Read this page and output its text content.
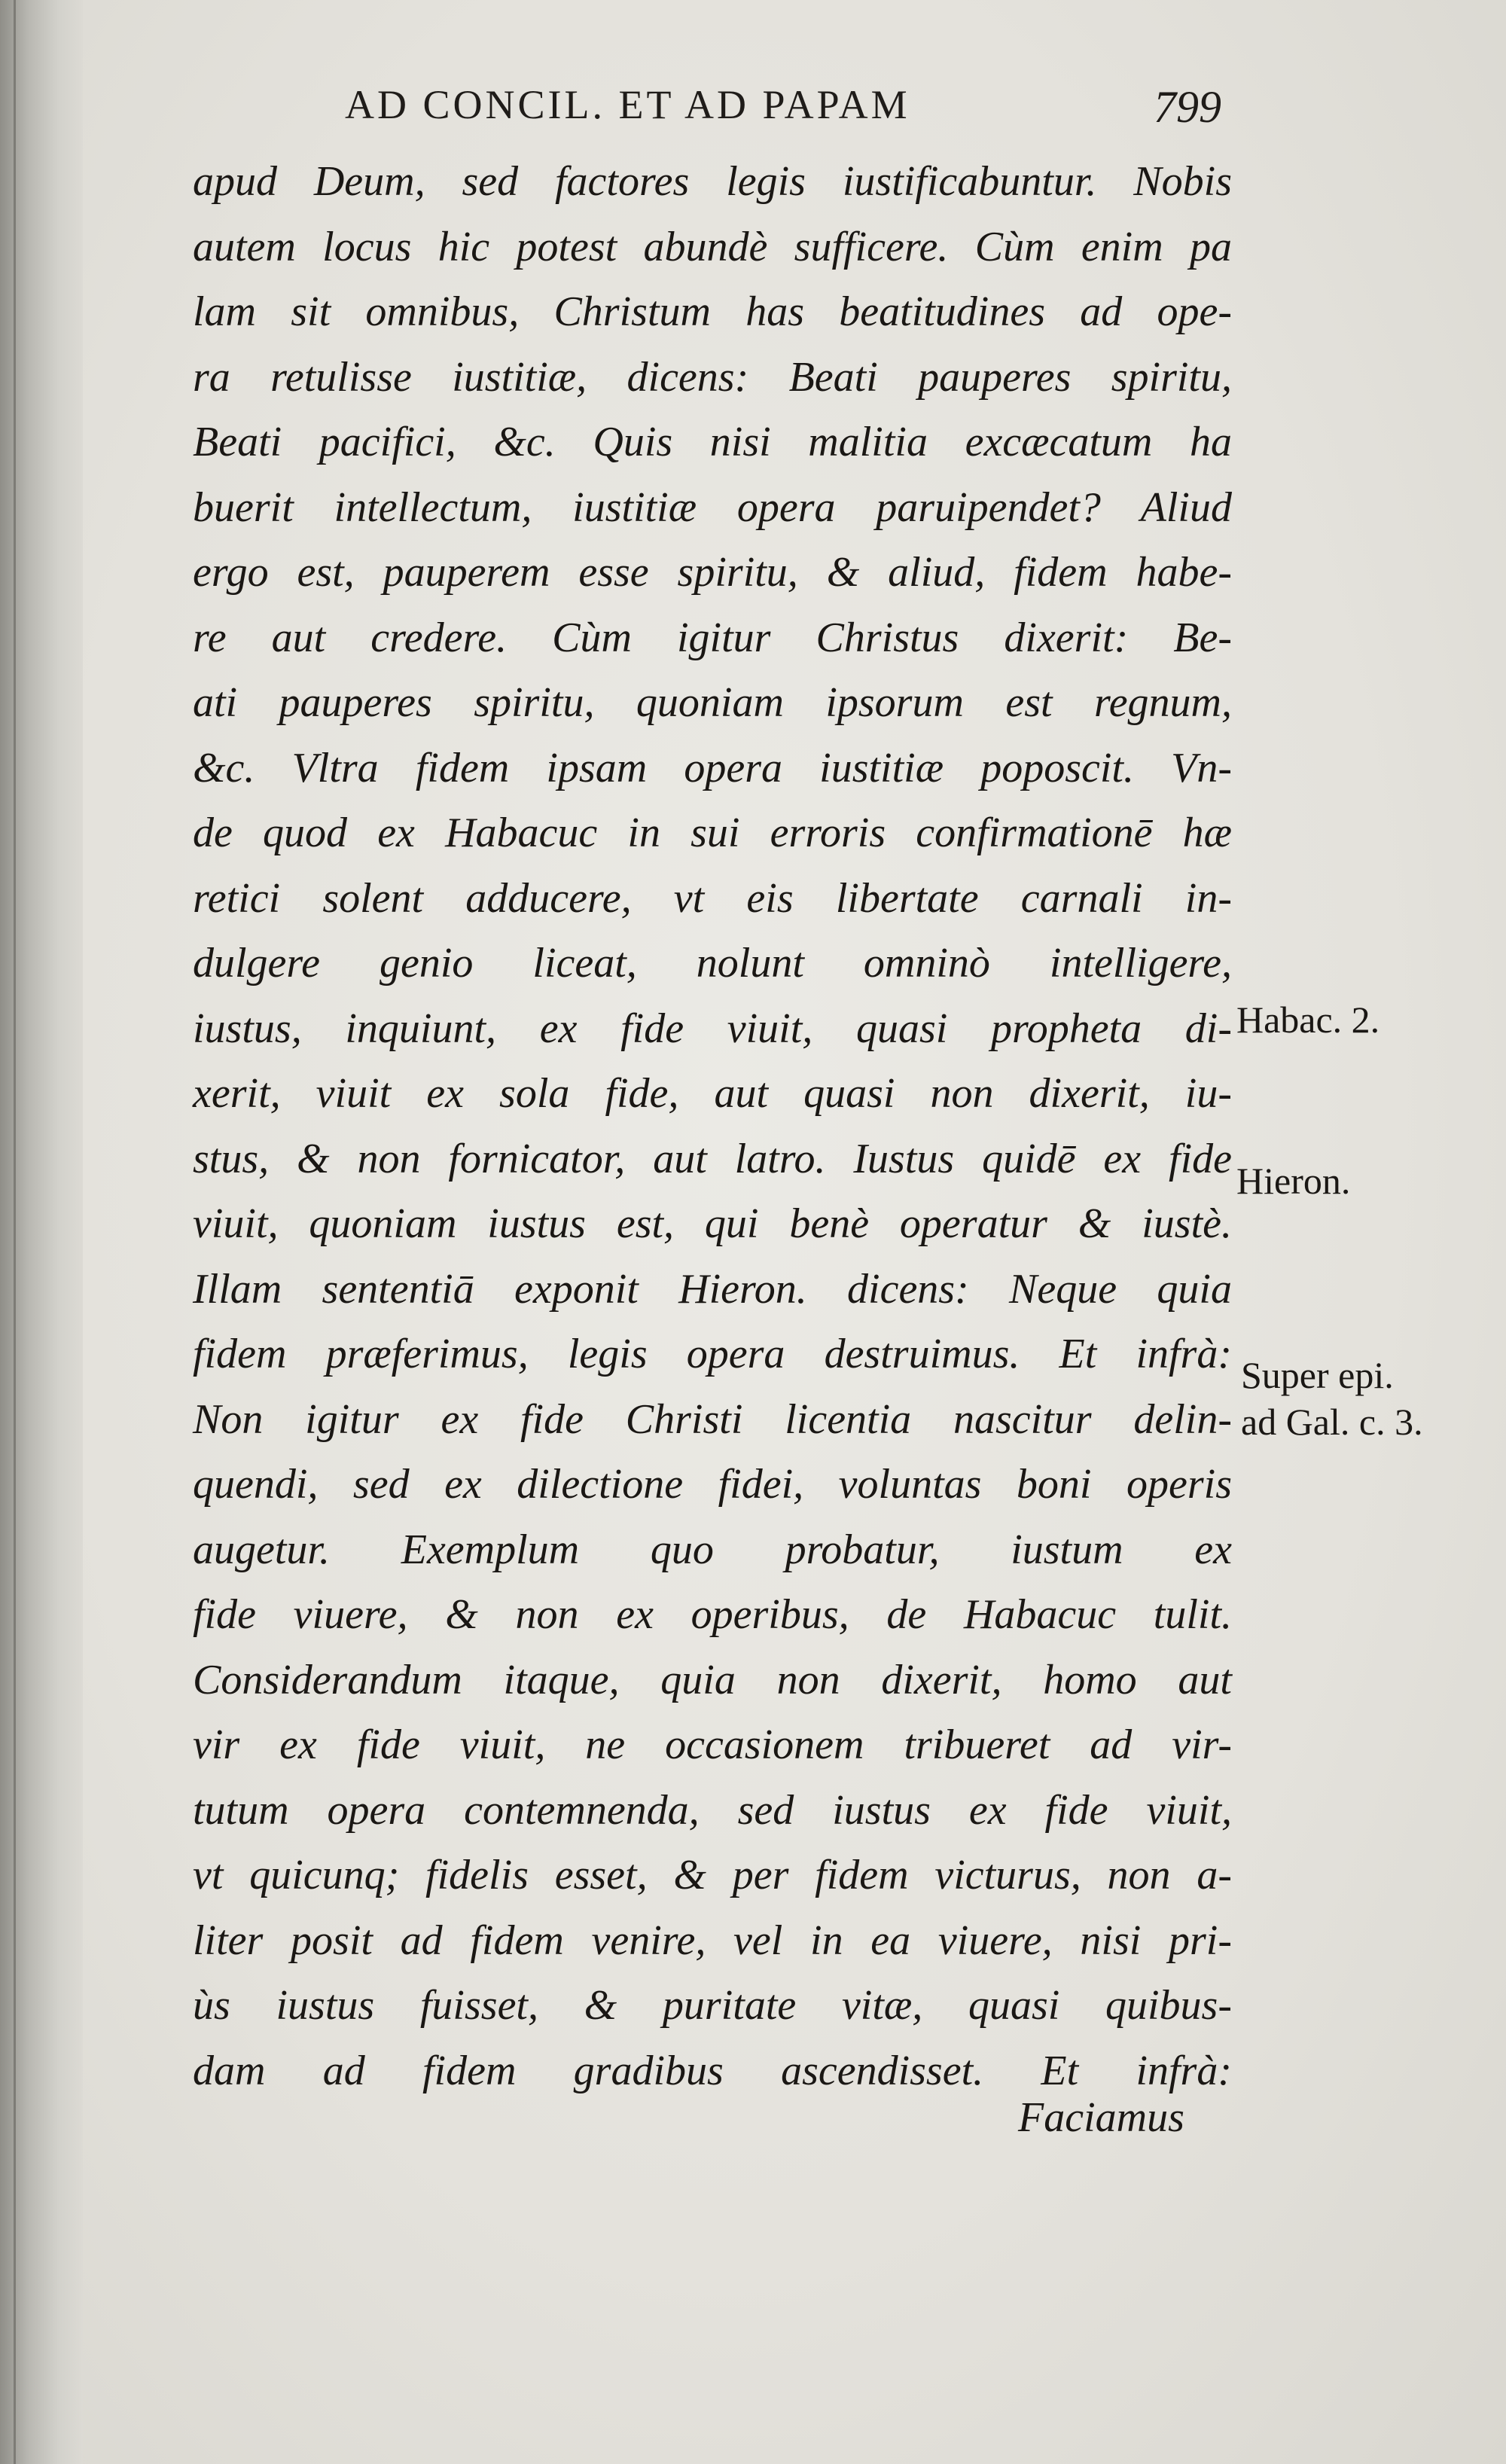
AD CONCIL. ET AD PAPAM	799
apud Deum, sed factores legis iustificabuntur. Nobis
autem locus hic potest abundè sufficere. Cùm enim pa
lam sit omnibus, Christum has beatitudines ad ope-
ra retulisse iustitiæ, dicens: Beati pauperes spiritu,
Beati pacifici, &c. Quis nisi malitia excæcatum ha
buerit intellectum, iustitiæ opera paruipendet? Aliud
ergo est, pauperem esse spiritu, & aliud, fidem habe-
re aut credere. Cùm igitur Christus dixerit: Be-
ati pauperes spiritu, quoniam ipsorum est regnum,
&c. Vltra fidem ipsam opera iustitiæ poposcit. Vn-
de quod ex Habacuc in sui erroris confirmationē hæ
retici solent adducere, vt eis libertate carnali in-
dulgere genio liceat, nolunt omninò intelligere,
iustus, inquiunt, ex fide viuit, quasi propheta di-
xerit, viuit ex sola fide, aut quasi non dixerit, iu-
stus, & non fornicator, aut latro. Iustus quidē ex fide
viuit, quoniam iustus est, qui benè operatur & iustè.
Illam sententiā exponit Hieron. dicens: Neque quia
fidem præferimus, legis opera destruimus. Et infrà:
Non igitur ex fide Christi licentia nascitur delin-
quendi, sed ex dilectione fidei, voluntas boni operis
augetur. Exemplum quo probatur, iustum ex
fide viuere, & non ex operibus, de Habacuc tulit.
Considerandum itaque, quia non dixerit, homo aut
vir ex fide viuit, ne occasionem tribueret ad vir-
tutum opera contemnenda, sed iustus ex fide viuit,
vt quicunq; fidelis esset, & per fidem victurus, non a-
liter posit ad fidem venire, vel in ea viuere, nisi pri-
ùs iustus fuisset, & puritate vitæ, quasi quibus-
dam ad fidem gradibus ascendisset. Et infrà:
Faciamus
Habac. 2.
Hieron.
Super epi.
ad Gal. c. 3.
